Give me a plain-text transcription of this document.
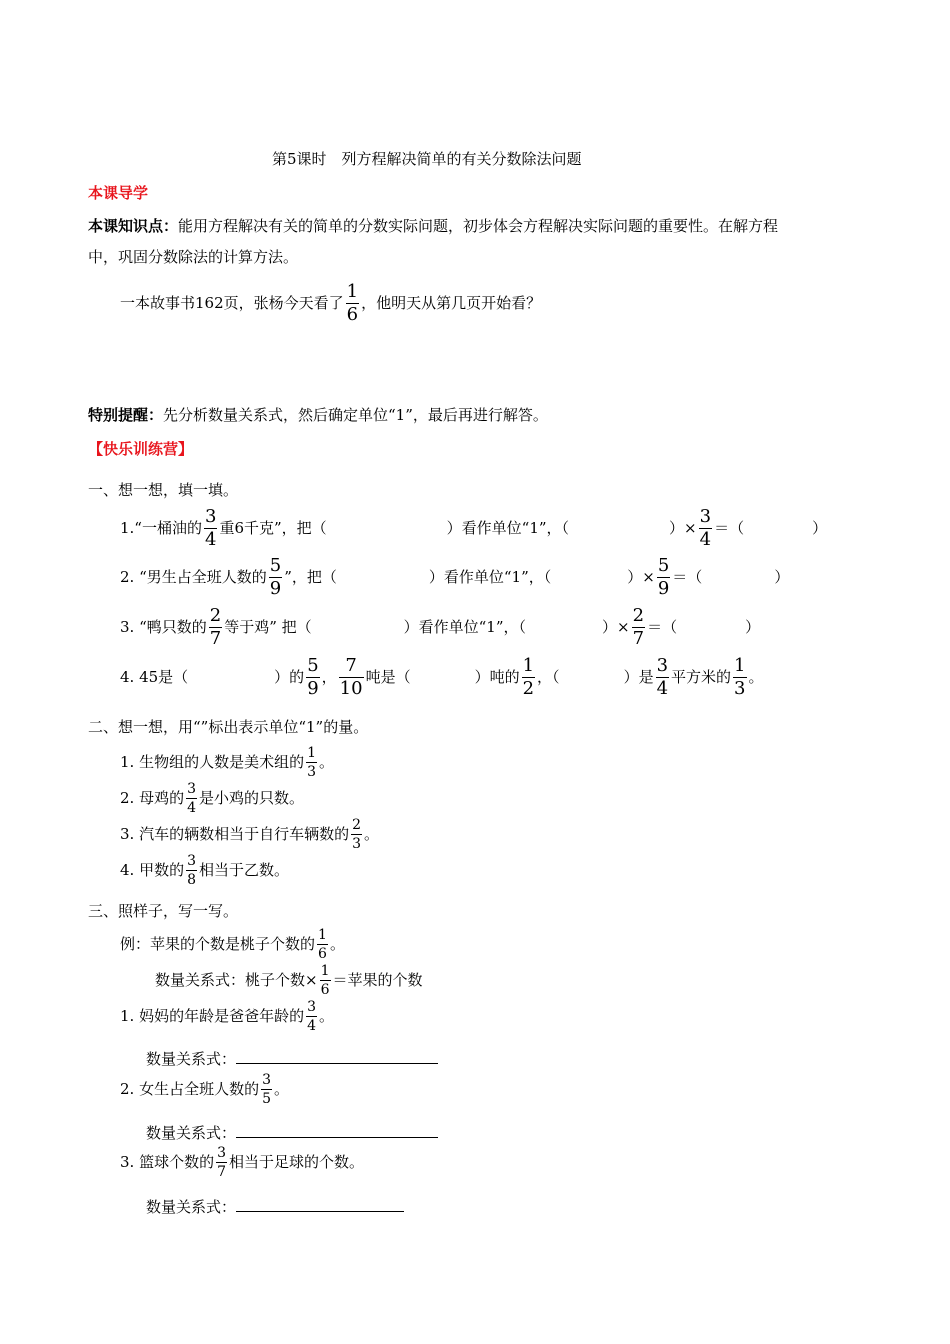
第5课时　列方程解决简单的有关分数除法问题
本课导学
本课知识点：能用方程解决有关的简单的分数实际问题，初步体会方程解决实际问题的重要性。在解方程
中，巩固分数除法的计算方法。
一本故事书162页，张杨今天看了 $\frac{1}{6}$ ，他明天从第几页开始看？
特别提醒：先分析数量关系式，然后确定单位“1”，最后再进行解答。
【快乐训练营】
一、想一想，填一填。
1.“一桶油的 $\frac{3}{4}$ 重6千克”，把（	）看作单位“1”，（	）× $\frac{3}{4}$ ＝（	）
2. “男生占全班人数的 $\frac{5}{9}$ ”，把（	）看作单位“1”，（	）× $\frac{5}{9}$ ＝（	）
3. “鸭只数的 $\frac{2}{7}$ 等于鸡” 把（	）看作单位“1”，（	）× $\frac{2}{7}$ ＝（	）
4. 45是（	）的 $\frac{5}{9}$ ， $\frac{7}{10}$ 吨是（	）吨的 $\frac{1}{2}$ ，（	）是 $\frac{3}{4}$ 平方米的 $\frac{1}{3}$ 。
二、想一想，用“”标出表示单位“1”的量。
1. 生物组的人数是美术组的 $\frac{1}{3}$ 。
2. 母鸡的 $\frac{3}{4}$ 是小鸡的只数。
3. 汽车的辆数相当于自行车辆数的 $\frac{2}{3}$ 。
4. 甲数的 $\frac{3}{8}$ 相当于乙数。
三、照样子，写一写。
例：苹果的个数是桃子个数的 $\frac{1}{6}$ 。
数量关系式：桃子个数× $\frac{1}{6}$ ＝苹果的个数
1. 妈妈的年龄是爸爸年龄的 $\frac{3}{4}$ 。
数量关系式：
2. 女生占全班人数的 $\frac{3}{5}$ 。
数量关系式：
3. 篮球个数的 $\frac{3}{7}$ 相当于足球的个数。
数量关系式：
